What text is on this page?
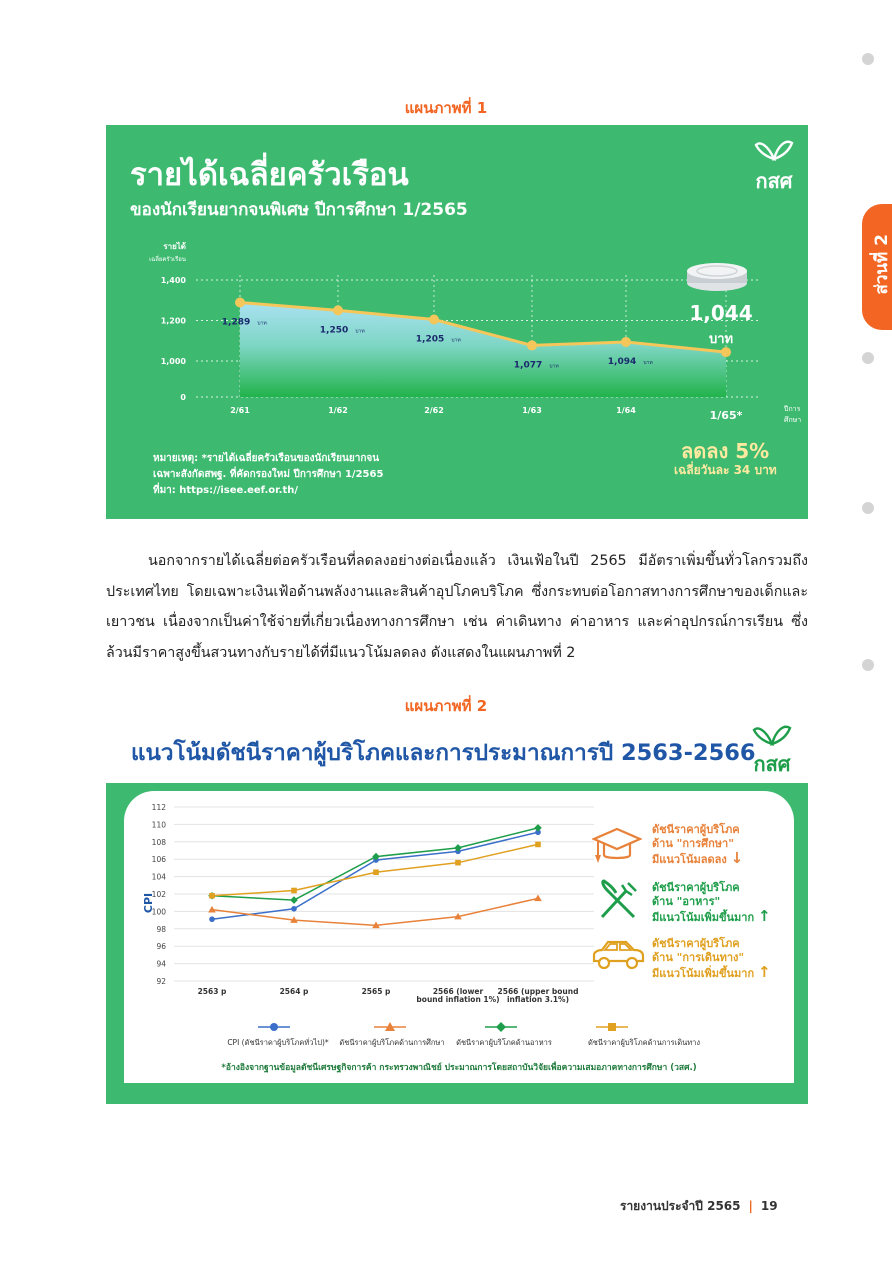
ส่วนที่ 2
แผนภาพที่ 1
รายได้เฉลี่ยครัวเรือน
ของนักเรียนยากจนพิเศษ ปีการศึกษา 1/2565
กสศ
รายได้
เฉลี่ยครัวเรือน
0
1,000
1,200
1,400
2/61	1/62	2/62	1/63	1/64	1/65*
1,289 บาท
1,250 บาท
1,205 บาท
1,077 บาท	1,094 บาท
ปีการ
ศึกษา
1,044
บาท
หมายเหตุ: *รายได้เฉลี่ยครัวเรือนของนักเรียนยากจน
เฉพาะสังกัดสพฐ. ที่คัดกรองใหม่ ปีการศึกษา 1/2565
ที่มา: https://isee.eef.or.th/
ลดลง 5%
เฉลี่ยวันละ 34 บาท

นอกจากรายได้เฉลี่ยต่อครัวเรือนที่ลดลงอย่างต่อเนื่องแล้ว เงินเฟ้อในปี 2565 มีอัตราเพิ่มขึ้นทั่วโลกรวมถึงประเทศไทย โดยเฉพาะเงินเฟ้อด้านพลังงานและสินค้าอุปโภคบริโภค ซึ่งกระทบต่อโอกาสทางการศึกษาของเด็กและเยาวชน เนื่องจากเป็นค่าใช้จ่ายที่เกี่ยวเนื่องทางการศึกษา เช่น ค่าเดินทาง ค่าอาหาร และค่าอุปกรณ์การเรียน ซึ่งล้วนมีราคาสูงขึ้นสวนทางกับรายได้ที่มีแนวโน้มลดลง ดังแสดงในแผนภาพที่ 2

แผนภาพที่ 2
แนวโน้มดัชนีราคาผู้บริโภคและการประมาณการปี 2563-2566
กสศ
CPI
92
94
96
98
100
102
104
106
108
110
112
2563 p	2564 p	2565 p	2566 (lower
bound inflation 1%)
2566 (upper bound
inflation 3.1%)
CPI (ดัชนีราคาผู้บริโภคทั่วไป)* ดัชนีราคาผู้บริโภคด้านการศึกษา ดัชนีราคาผู้บริโภคด้านอาหาร	ดัชนีราคาผู้บริโภคด้านการเดินทาง
*อ้างอิงจากฐานข้อมูลดัชนีเศรษฐกิจการค้า กระทรวงพาณิชย์ ประมาณการโดยสถาบันวิจัยเพื่อความเสมอภาคทางการศึกษา (วสศ.)
ดัชนีราคาผู้บริโภค
ด้าน "การศึกษา"
มีแนวโน้มลดลง ↓
ดัชนีราคาผู้บริโภค
ด้าน "อาหาร"
มีแนวโน้มเพิ่มขึ้นมาก ↑
ดัชนีราคาผู้บริโภค
ด้าน "การเดินทาง"
มีแนวโน้มเพิ่มขึ้นมาก ↑
รายงานประจำปี 2565 | 19
